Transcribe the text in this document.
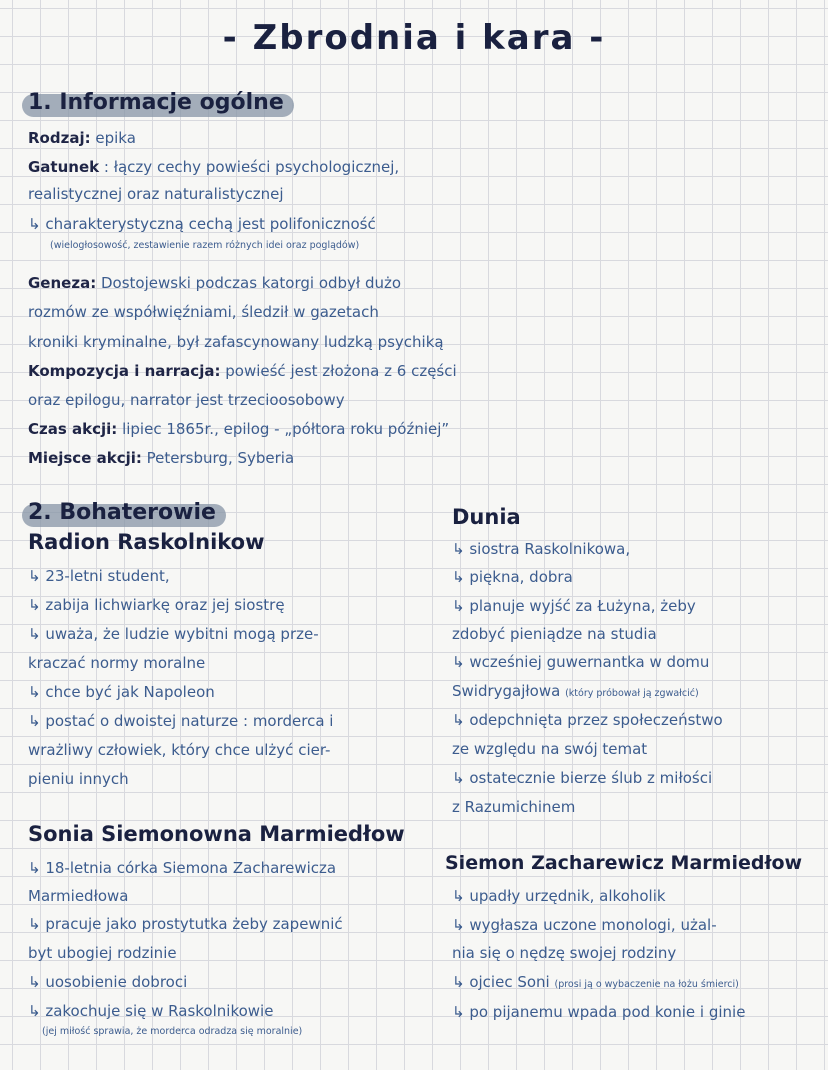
- Zbrodnia i kara -
1. Informacje ogólne
Rodzaj: epika
Gatunek : łączy cechy powieści psychologicznej,
realistycznej oraz naturalistycznej
↳ charakterystyczną cechą jest polifoniczność
(wielogłosowość, zestawienie razem różnych idei oraz poglądów)
Geneza: Dostojewski podczas katorgi odbył dużo
rozmów ze współwięźniami, śledził w gazetach
kroniki kryminalne, był zafascynowany ludzką psychiką
Kompozycja i narracja: powieść jest złożona z 6 części
oraz epilogu, narrator jest trzecioosobowy
Czas akcji: lipiec 1865r., epilog - „półtora roku później”
Miejsce akcji: Petersburg, Syberia
2. Bohaterowie
Radion Raskolnikow
↳ 23-letni student,
↳ zabija lichwiarkę oraz jej siostrę
↳ uważa, że ludzie wybitni mogą prze-
kraczać normy moralne
↳ chce być jak Napoleon
↳ postać o dwoistej naturze : morderca i
wrażliwy człowiek, który chce ulżyć cier-
pieniu innych
Sonia Siemonowna Marmiedłow
↳ 18-letnia córka Siemona Zacharewicza
Marmiedłowa
↳ pracuje jako prostytutka żeby zapewnić
byt ubogiej rodzinie
↳ uosobienie dobroci
↳ zakochuje się w Raskolnikowie
(jej miłość sprawia, że morderca odradza się moralnie)
Dunia
↳ siostra Raskolnikowa,
↳ piękna, dobra
↳ planuje wyjść za Łużyna, żeby
zdobyć pieniądze na studia
↳ wcześniej guwernantka w domu
Swidrygajłowa (który próbował ją zgwałcić)
↳ odepchnięta przez społeczeństwo
ze względu na swój temat
↳ ostatecznie bierze ślub z miłości
z Razumichinem
Siemon Zacharewicz Marmiedłow
↳ upadły urzędnik, alkoholik
↳ wygłasza uczone monologi, użal-
nia się o nędzę swojej rodziny
↳ ojciec Soni (prosi ją o wybaczenie na łożu śmierci)
↳ po pijanemu wpada pod konie i ginie
